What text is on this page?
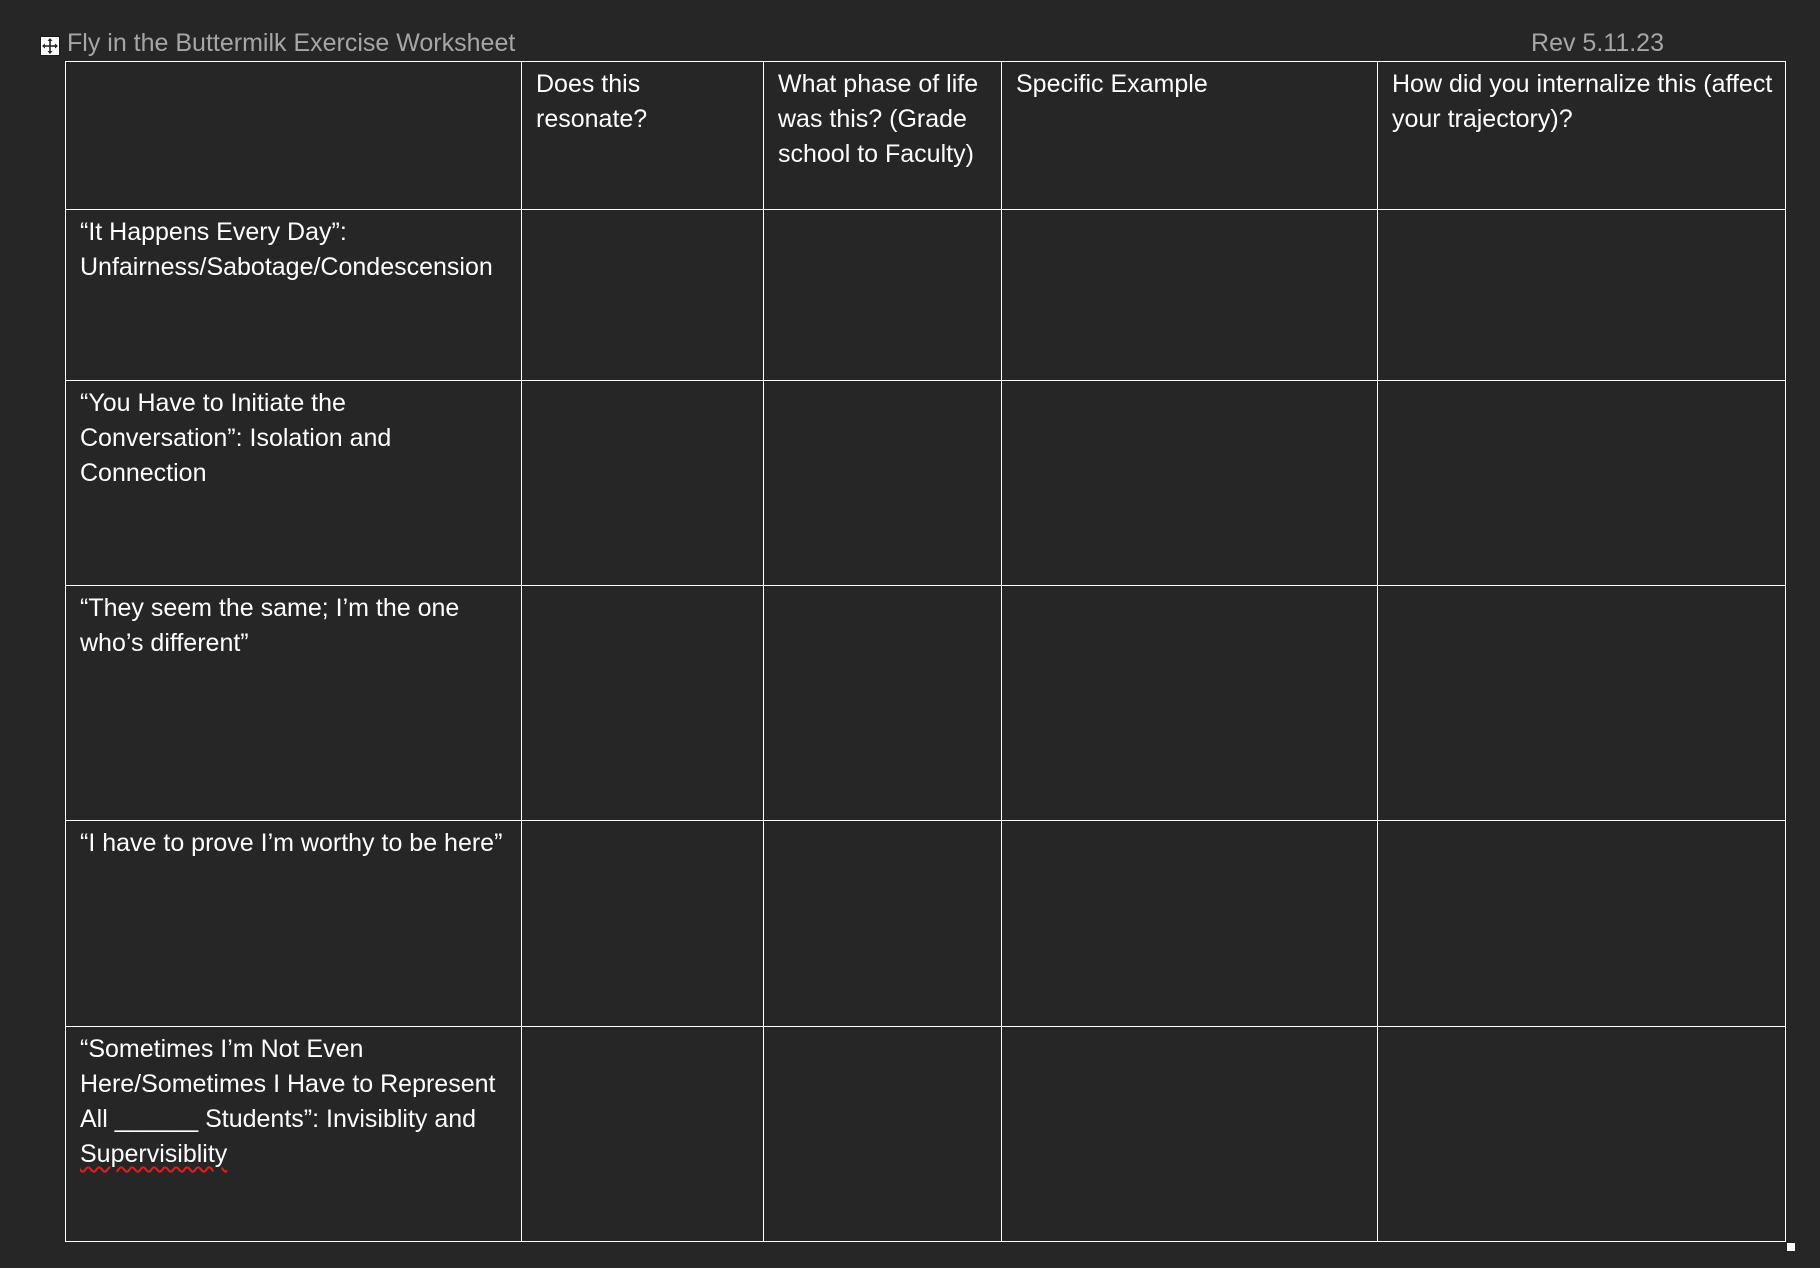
Fly in the Buttermilk Exercise Worksheet	Rev 5.11.23
	Does this resonate?	What phase of life was this? (Grade school to Faculty)	Specific Example	How did you internalize this (affect your trajectory)?
“It Happens Every Day”: Unfairness/Sabotage/Condescension				
“You Have to Initiate the Conversation”: Isolation and Connection				
“They seem the same; I’m the one who’s different”				
“I have to prove I’m worthy to be here”				
“Sometimes I’m Not Even Here/Sometimes I Have to Represent All ______ Students”: Invisiblity and Supervisiblity				
